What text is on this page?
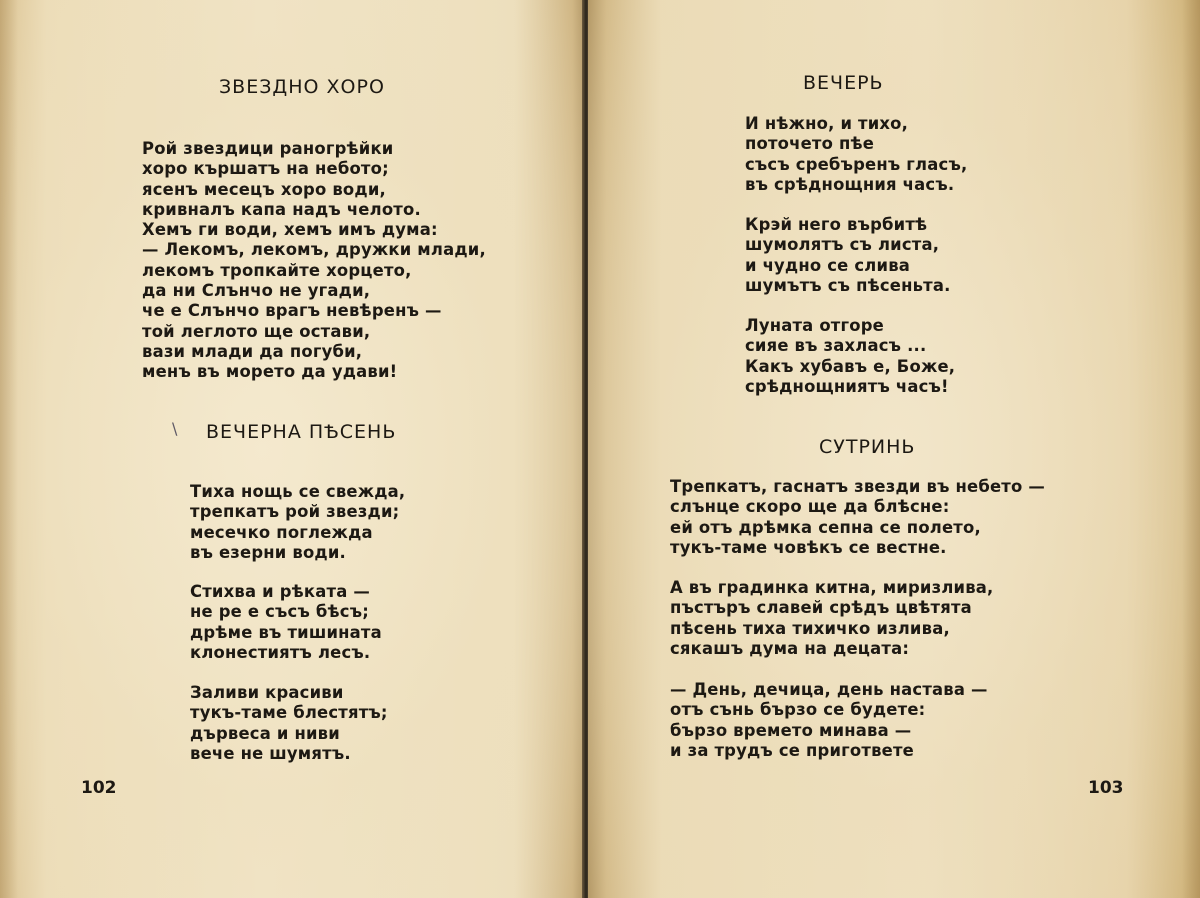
ЗВЕЗДНО ХОРО
Рой звездици раногрѣйки
хоро кършатъ на небото;
ясенъ месецъ хоро води,
кривналъ капа надъ челото.
Хемъ ги води, хемъ имъ дума:
— Лекомъ, лекомъ, дружки млади,
лекомъ тропкайте хорцето,
да ни Слънчо не угади,
че е Слънчо врагъ невѣренъ —
той леглото ще остави,
вази млади да погуби,
менъ въ морето да удави!
\ ВЕЧЕРНА ПѢСЕНЬ
Тиха нощь се свежда,
трепкатъ рой звезди;
месечко поглежда
въ езерни води.
Стихва и рѣката —
не ре е съсъ бѣсъ;
дрѣме въ тишината
клонестиятъ лесъ.
Заливи красиви
тукъ-таме блестятъ;
дървеса и ниви
вече не шумятъ.

102

ВЕЧЕРЬ
И нѣжно, и тихо,
поточето пѣе
съсъ сребъренъ гласъ,
въ срѣднощния часъ.
Крэй него върбитѣ
шумолятъ съ листа,
и чудно се слива
шумътъ съ пѣсеньта.
Луната отгоре
сияе въ захласъ ...
Какъ хубавъ е, Боже,
срѣднощниятъ часъ!
СУТРИНЬ
Трепкатъ, гаснатъ звезди въ небето —
слънце скоро ще да блѣсне:
ей отъ дрѣмка сепна се полето,
тукъ-таме човѣкъ се вестне.
А въ градинка китна, миризлива,
пъстъръ славей срѣдъ цвѣтята
пѣсень тиха тихичко излива,
сякашъ дума на децата:
— День, дечица, день настава —
отъ сънь бързо се будете:
бързо времето минава —
и за трудъ се пригответе

103
